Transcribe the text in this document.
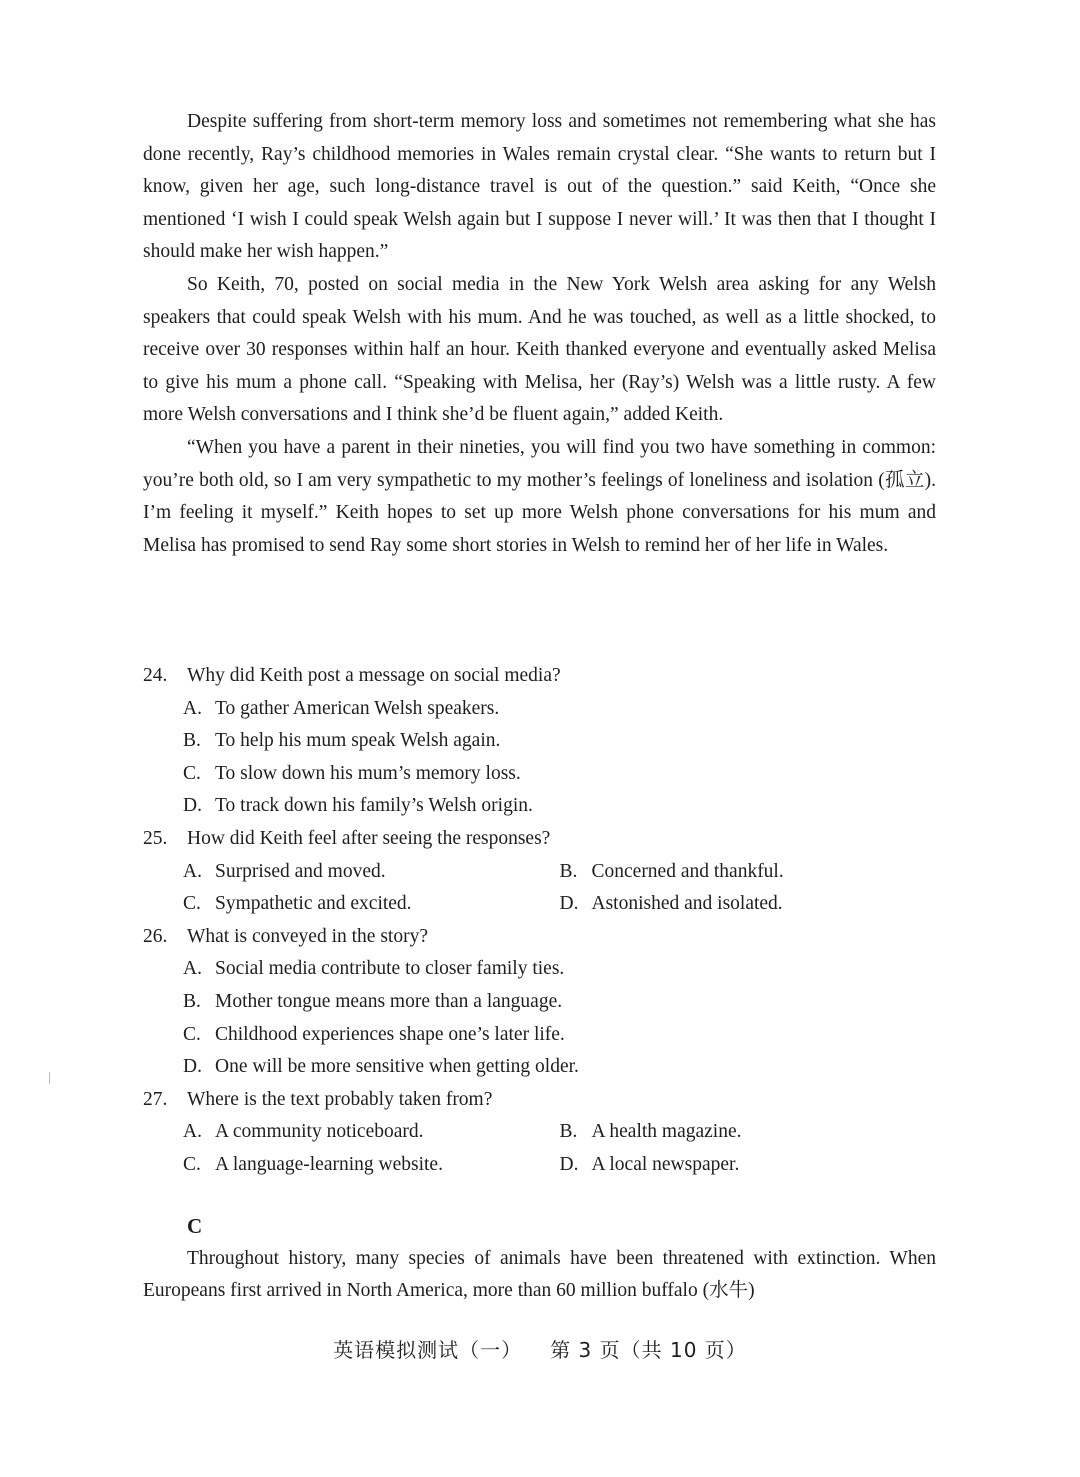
Despite suffering from short-term memory loss and sometimes not remembering what she has done recently, Ray’s childhood memories in Wales remain crystal clear. “She wants to return but I know, given her age, such long-distance travel is out of the question.” said Keith, “Once she mentioned ‘I wish I could speak Welsh again but I suppose I never will.’ It was then that I thought I should make her wish happen.”

So Keith, 70, posted on social media in the New York Welsh area asking for any Welsh speakers that could speak Welsh with his mum. And he was touched, as well as a little shocked, to receive over 30 responses within half an hour. Keith thanked everyone and eventually asked Melisa to give his mum a phone call. “Speaking with Melisa, her (Ray’s) Welsh was a little rusty. A few more Welsh conversations and I think she’d be fluent again,” added Keith.

“When you have a parent in their nineties, you will find you two have something in common: you’re both old, so I am very sympathetic to my mother’s feelings of loneliness and isolation (孤立). I’m feeling it myself.” Keith hopes to set up more Welsh phone conversations for his mum and Melisa has promised to send Ray some short stories in Welsh to remind her of her life in Wales.

24. Why did Keith post a message on social media?

A. To gather American Welsh speakers.

B. To help his mum speak Welsh again.

C. To slow down his mum’s memory loss.

D. To track down his family’s Welsh origin.

25. How did Keith feel after seeing the responses?

A. Surprised and moved.	B. Concerned and thankful.
C. Sympathetic and excited.	D. Astonished and isolated.

26. What is conveyed in the story?

A. Social media contribute to closer family ties.

B. Mother tongue means more than a language.

C. Childhood experiences shape one’s later life.

D. One will be more sensitive when getting older.

27. Where is the text probably taken from?

A. A community noticeboard.	B. A health magazine.
C. A language-learning website.	D. A local newspaper.

C

Throughout history, many species of animals have been threatened with extinction. When Europeans first arrived in North America, more than 60 million buffalo (水牛)

英语模拟测试（一） 第 3 页（共 10 页）
